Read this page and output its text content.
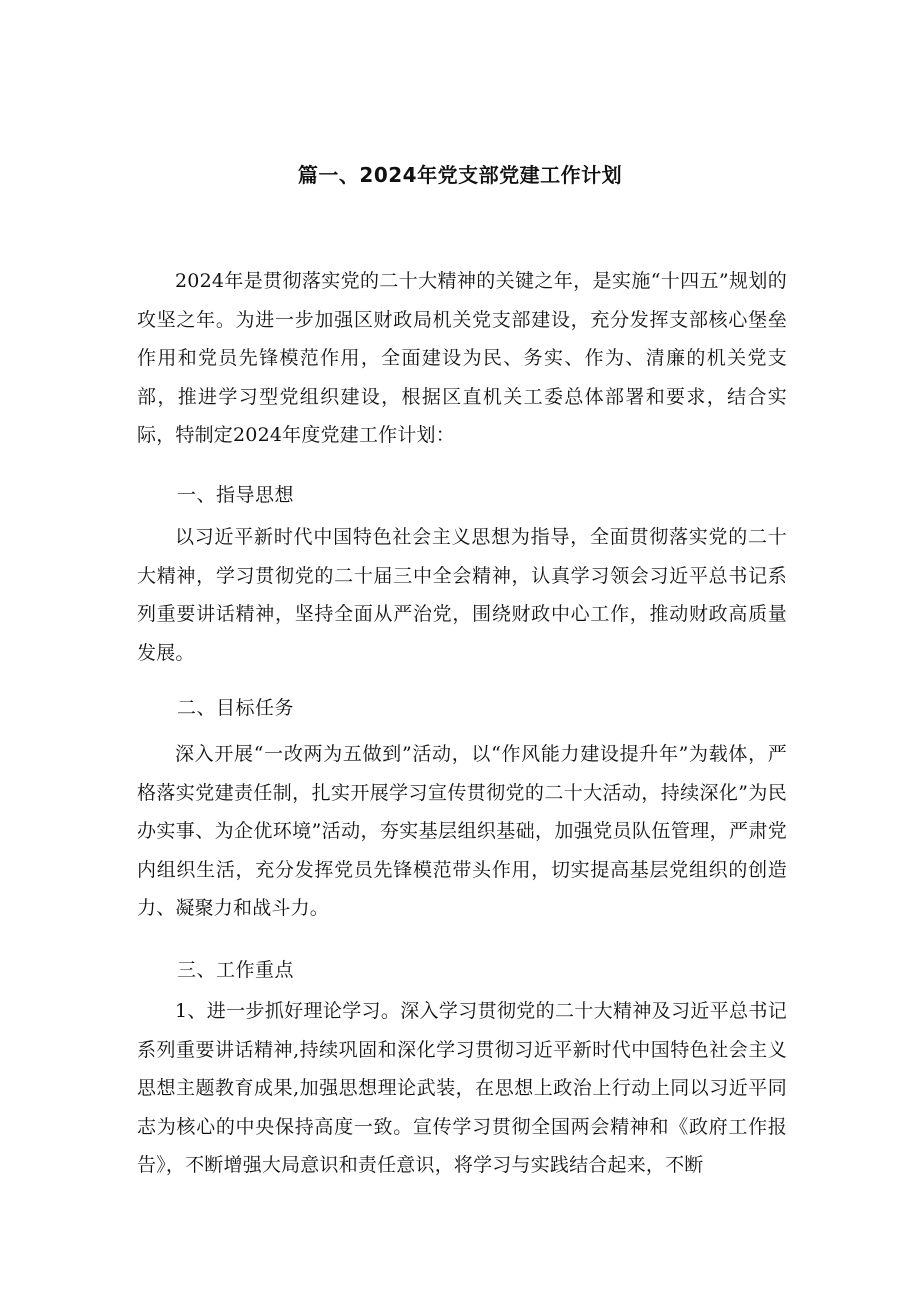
篇一、2024年党支部党建工作计划

2024年是贯彻落实党的二十大精神的关键之年，是实施“十四五”规划的攻坚之年。为进一步加强区财政局机关党支部建设，充分发挥支部核心堡垒作用和党员先锋模范作用，全面建设为民、务实、作为、清廉的机关党支部，推进学习型党组织建设，根据区直机关工委总体部署和要求，结合实际，特制定2024年度党建工作计划：

一、指导思想

以习近平新时代中国特色社会主义思想为指导，全面贯彻落实党的二十大精神，学习贯彻党的二十届三中全会精神，认真学习领会习近平总书记系列重要讲话精神，坚持全面从严治党，围绕财政中心工作，推动财政高质量发展。

二、目标任务

深入开展“一改两为五做到”活动，以“作风能力建设提升年”为载体，严格落实党建责任制，扎实开展学习宣传贯彻党的二十大活动，持续深化”为民办实事、为企优环境”活动，夯实基层组织基础，加强党员队伍管理，严肃党内组织生活，充分发挥党员先锋模范带头作用，切实提高基层党组织的创造力、凝聚力和战斗力。

三、工作重点

1、进一步抓好理论学习。深入学习贯彻党的二十大精神及习近平总书记系列重要讲话精神,持续巩固和深化学习贯彻习近平新时代中国特色社会主义思想主题教育成果,加强思想理论武装，在思想上政治上行动上同以习近平同志为核心的中央保持高度一致。宣传学习贯彻全国两会精神和《政府工作报告》，不断增强大局意识和责任意识，将学习与实践结合起来，不断
